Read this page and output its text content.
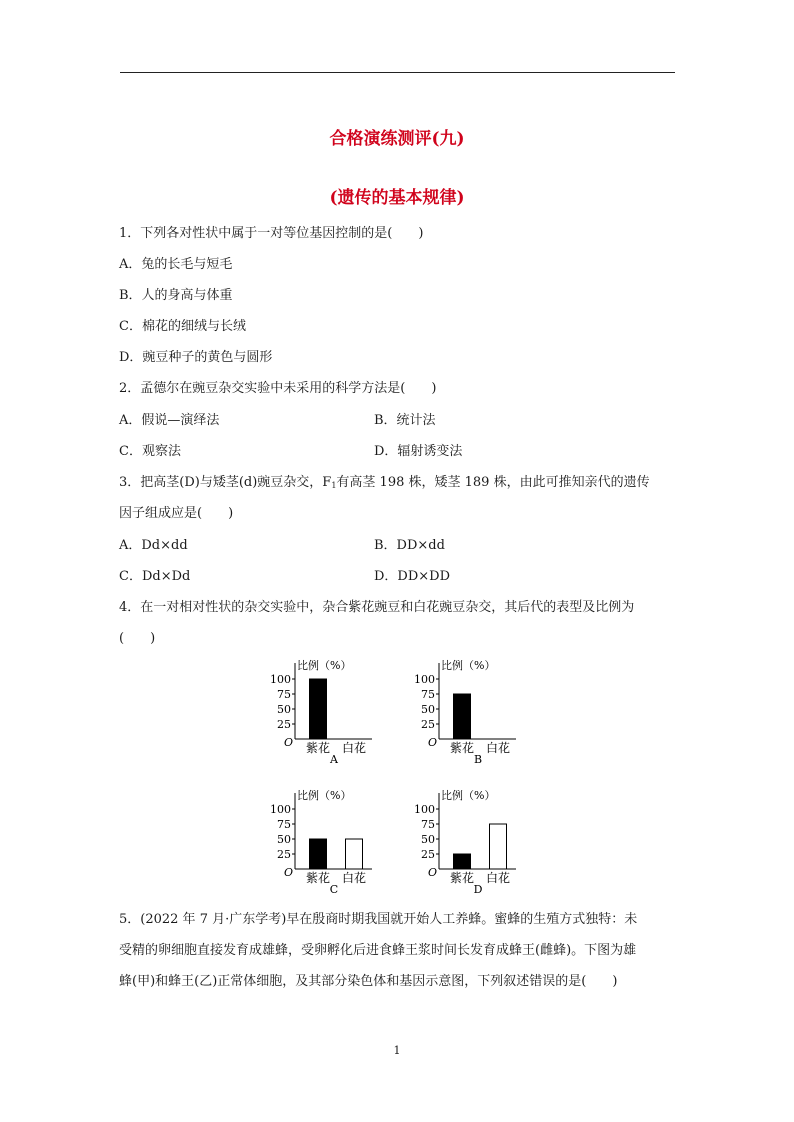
合格演练测评(九)
(遗传的基本规律)
1．下列各对性状中属于一对等位基因控制的是(　　)
A．兔的长毛与短毛
B．人的身高与体重
C．棉花的细绒与长绒
D．豌豆种子的黄色与圆形
2．孟德尔在豌豆杂交实验中未采用的科学方法是(　　)
A．假说—演绎法	B．统计法
C．观察法	D．辐射诱变法
3．把高茎(D)与矮茎(d)豌豆杂交，$F_1$有高茎 198 株，矮茎 189 株，由此可推知亲代的遗传
因子组成应是(　　)
A．Dd×dd	B．DD×dd
C．Dd×Dd	D．DD×DD
4．在一对相对性状的杂交实验中，杂合紫花豌豆和白花豌豆杂交，其后代的表型及比例为
(　　)
比例（%）
25
50
75
100
O 紫花 白花
A
比例（%）
25
50
75
100
O 紫花 白花
B
比例（%）
25
50
75
100
O 紫花 白花
C
比例（%）
25
50
75
100
O 紫花 白花
D
5．(2022 年 7 月·广东学考)早在殷商时期我国就开始人工养蜂。蜜蜂的生殖方式独特：未
受精的卵细胞直接发育成雄蜂，受卵孵化后进食蜂王浆时间长发育成蜂王(雌蜂)。下图为雄
蜂(甲)和蜂王(乙)正常体细胞，及其部分染色体和基因示意图，下列叙述错误的是(　　)
1
